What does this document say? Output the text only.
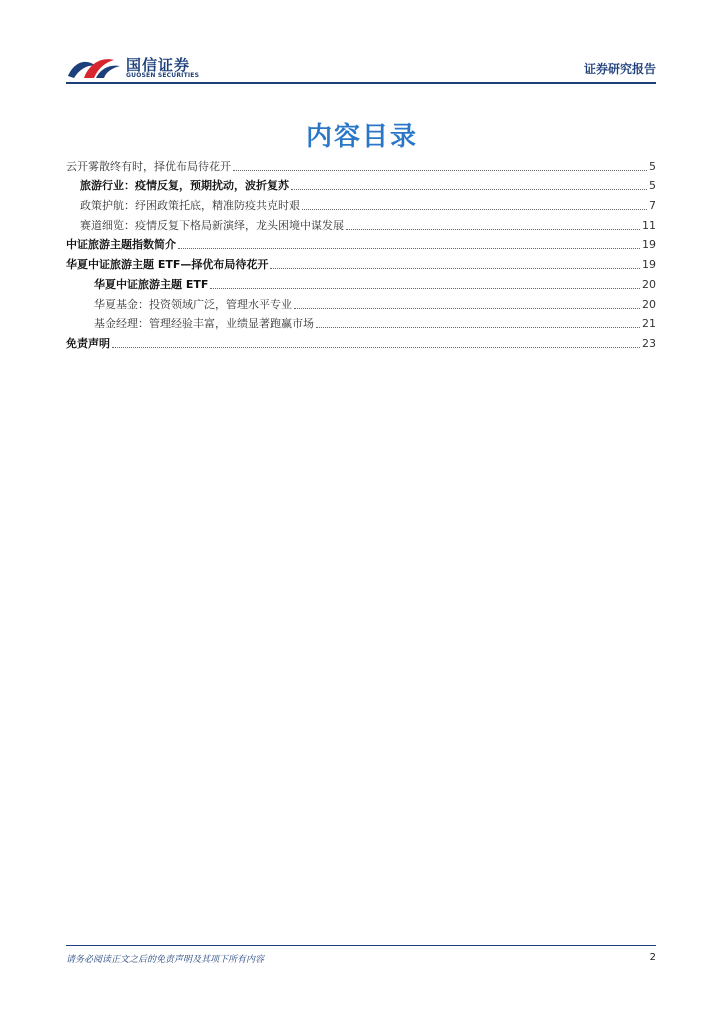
国信证券
GUOSEN SECURITIES	证券研究报告
内容目录
云开雾散终有时，择优布局待花开	5
旅游行业：疫情反复，预期扰动，波折复苏	5
政策护航：纾困政策托底，精准防疫共克时艰	7
赛道细览：疫情反复下格局新演绎，龙头困境中谋发展	11
中证旅游主题指数简介	19
华夏中证旅游主题 ETF—择优布局待花开	19
华夏中证旅游主题 ETF	20
华夏基金：投资领域广泛，管理水平专业	20
基金经理：管理经验丰富，业绩显著跑赢市场	21
免责声明	23
请务必阅读正文之后的免责声明及其项下所有内容	2
